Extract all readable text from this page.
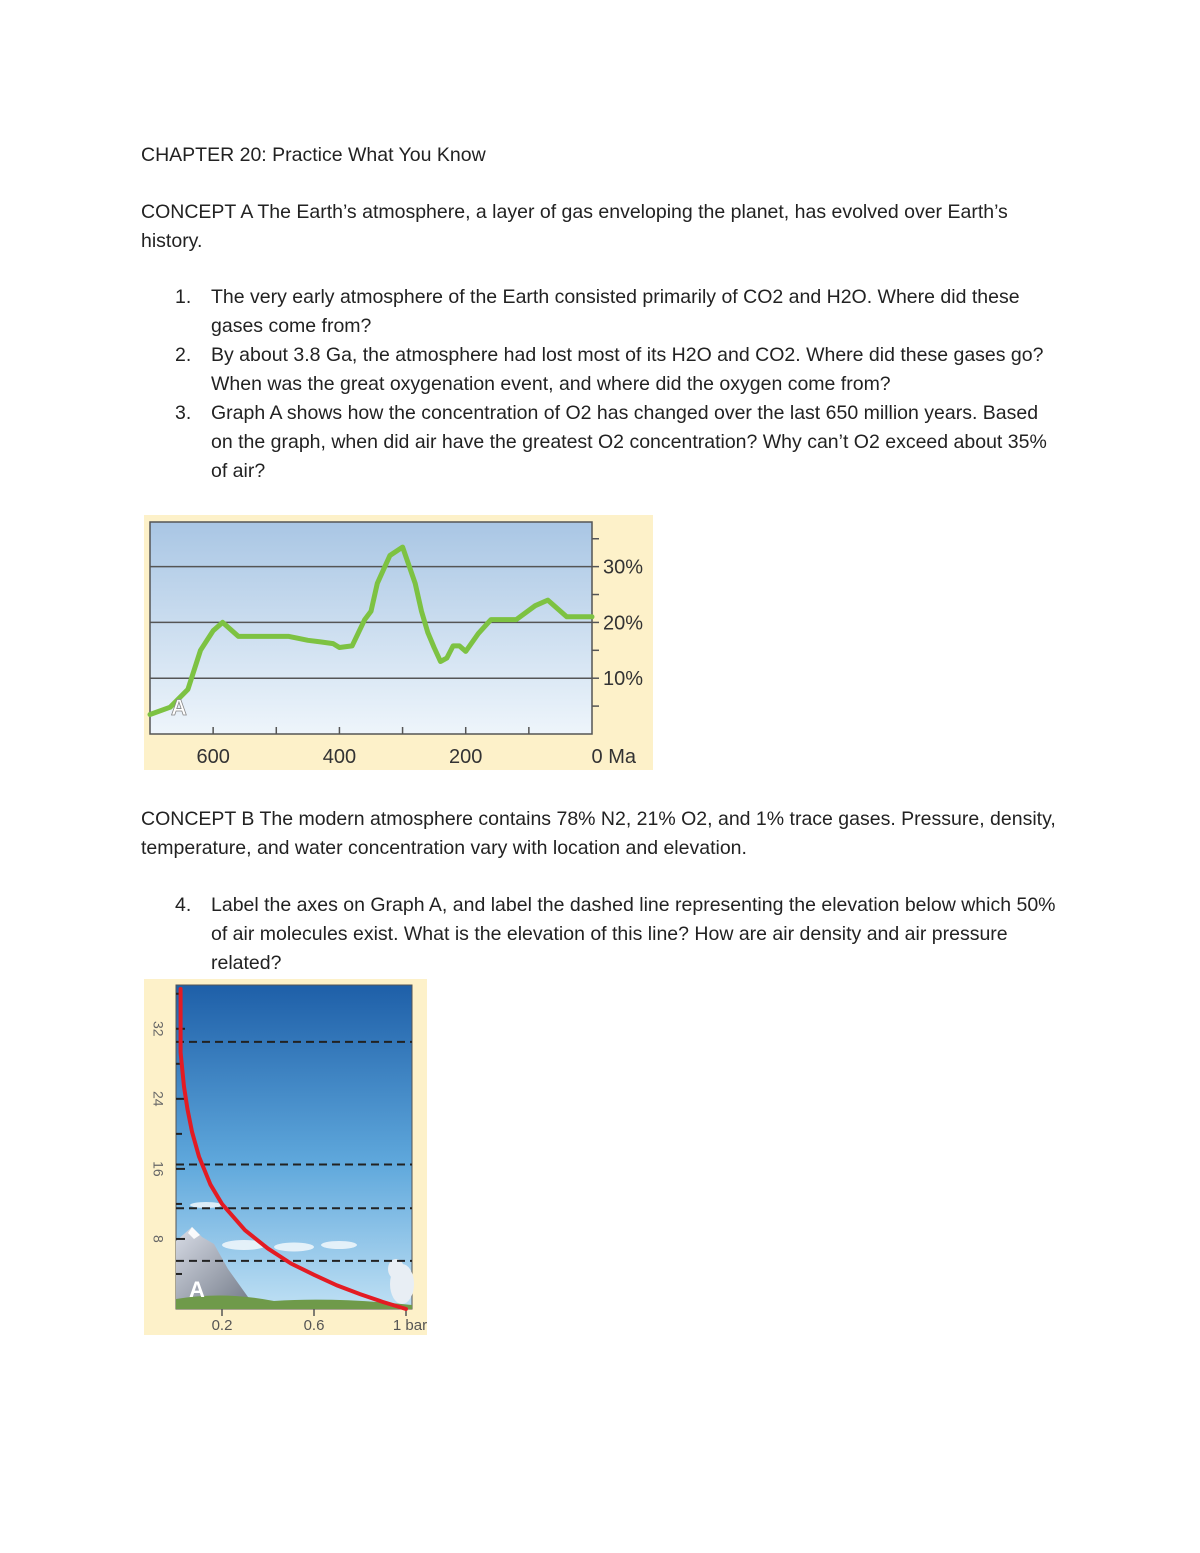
CHAPTER 20: Practice What You Know

CONCEPT A The Earth’s atmosphere, a layer of gas enveloping the planet, has evolved over Earth’s history.

1. The very early atmosphere of the Earth consisted primarily of CO2 and H2O. Where did these gases come from?
2. By about 3.8 Ga, the atmosphere had lost most of its H2O and CO2. Where did these gases go? When was the great oxygenation event, and where did the oxygen come from?
3. Graph A shows how the concentration of O2 has changed over the last 650 million years. Based on the graph, when did air have the greatest O2 concentration? Why can’t O2 exceed about 35% of air?
A
600	400	200	0 Ma
10%
20%
30%

CONCEPT B The modern atmosphere contains 78% N2, 21% O2, and 1% trace gases. Pressure, density, temperature, and water concentration vary with location and elevation.

4. Label the axes on Graph A, and label the dashed line representing the elevation below which 50% of air molecules exist. What is the elevation of this line? How are air density and air pressure related?
A
0.2	0.6	1 bar
8
16
24
32
